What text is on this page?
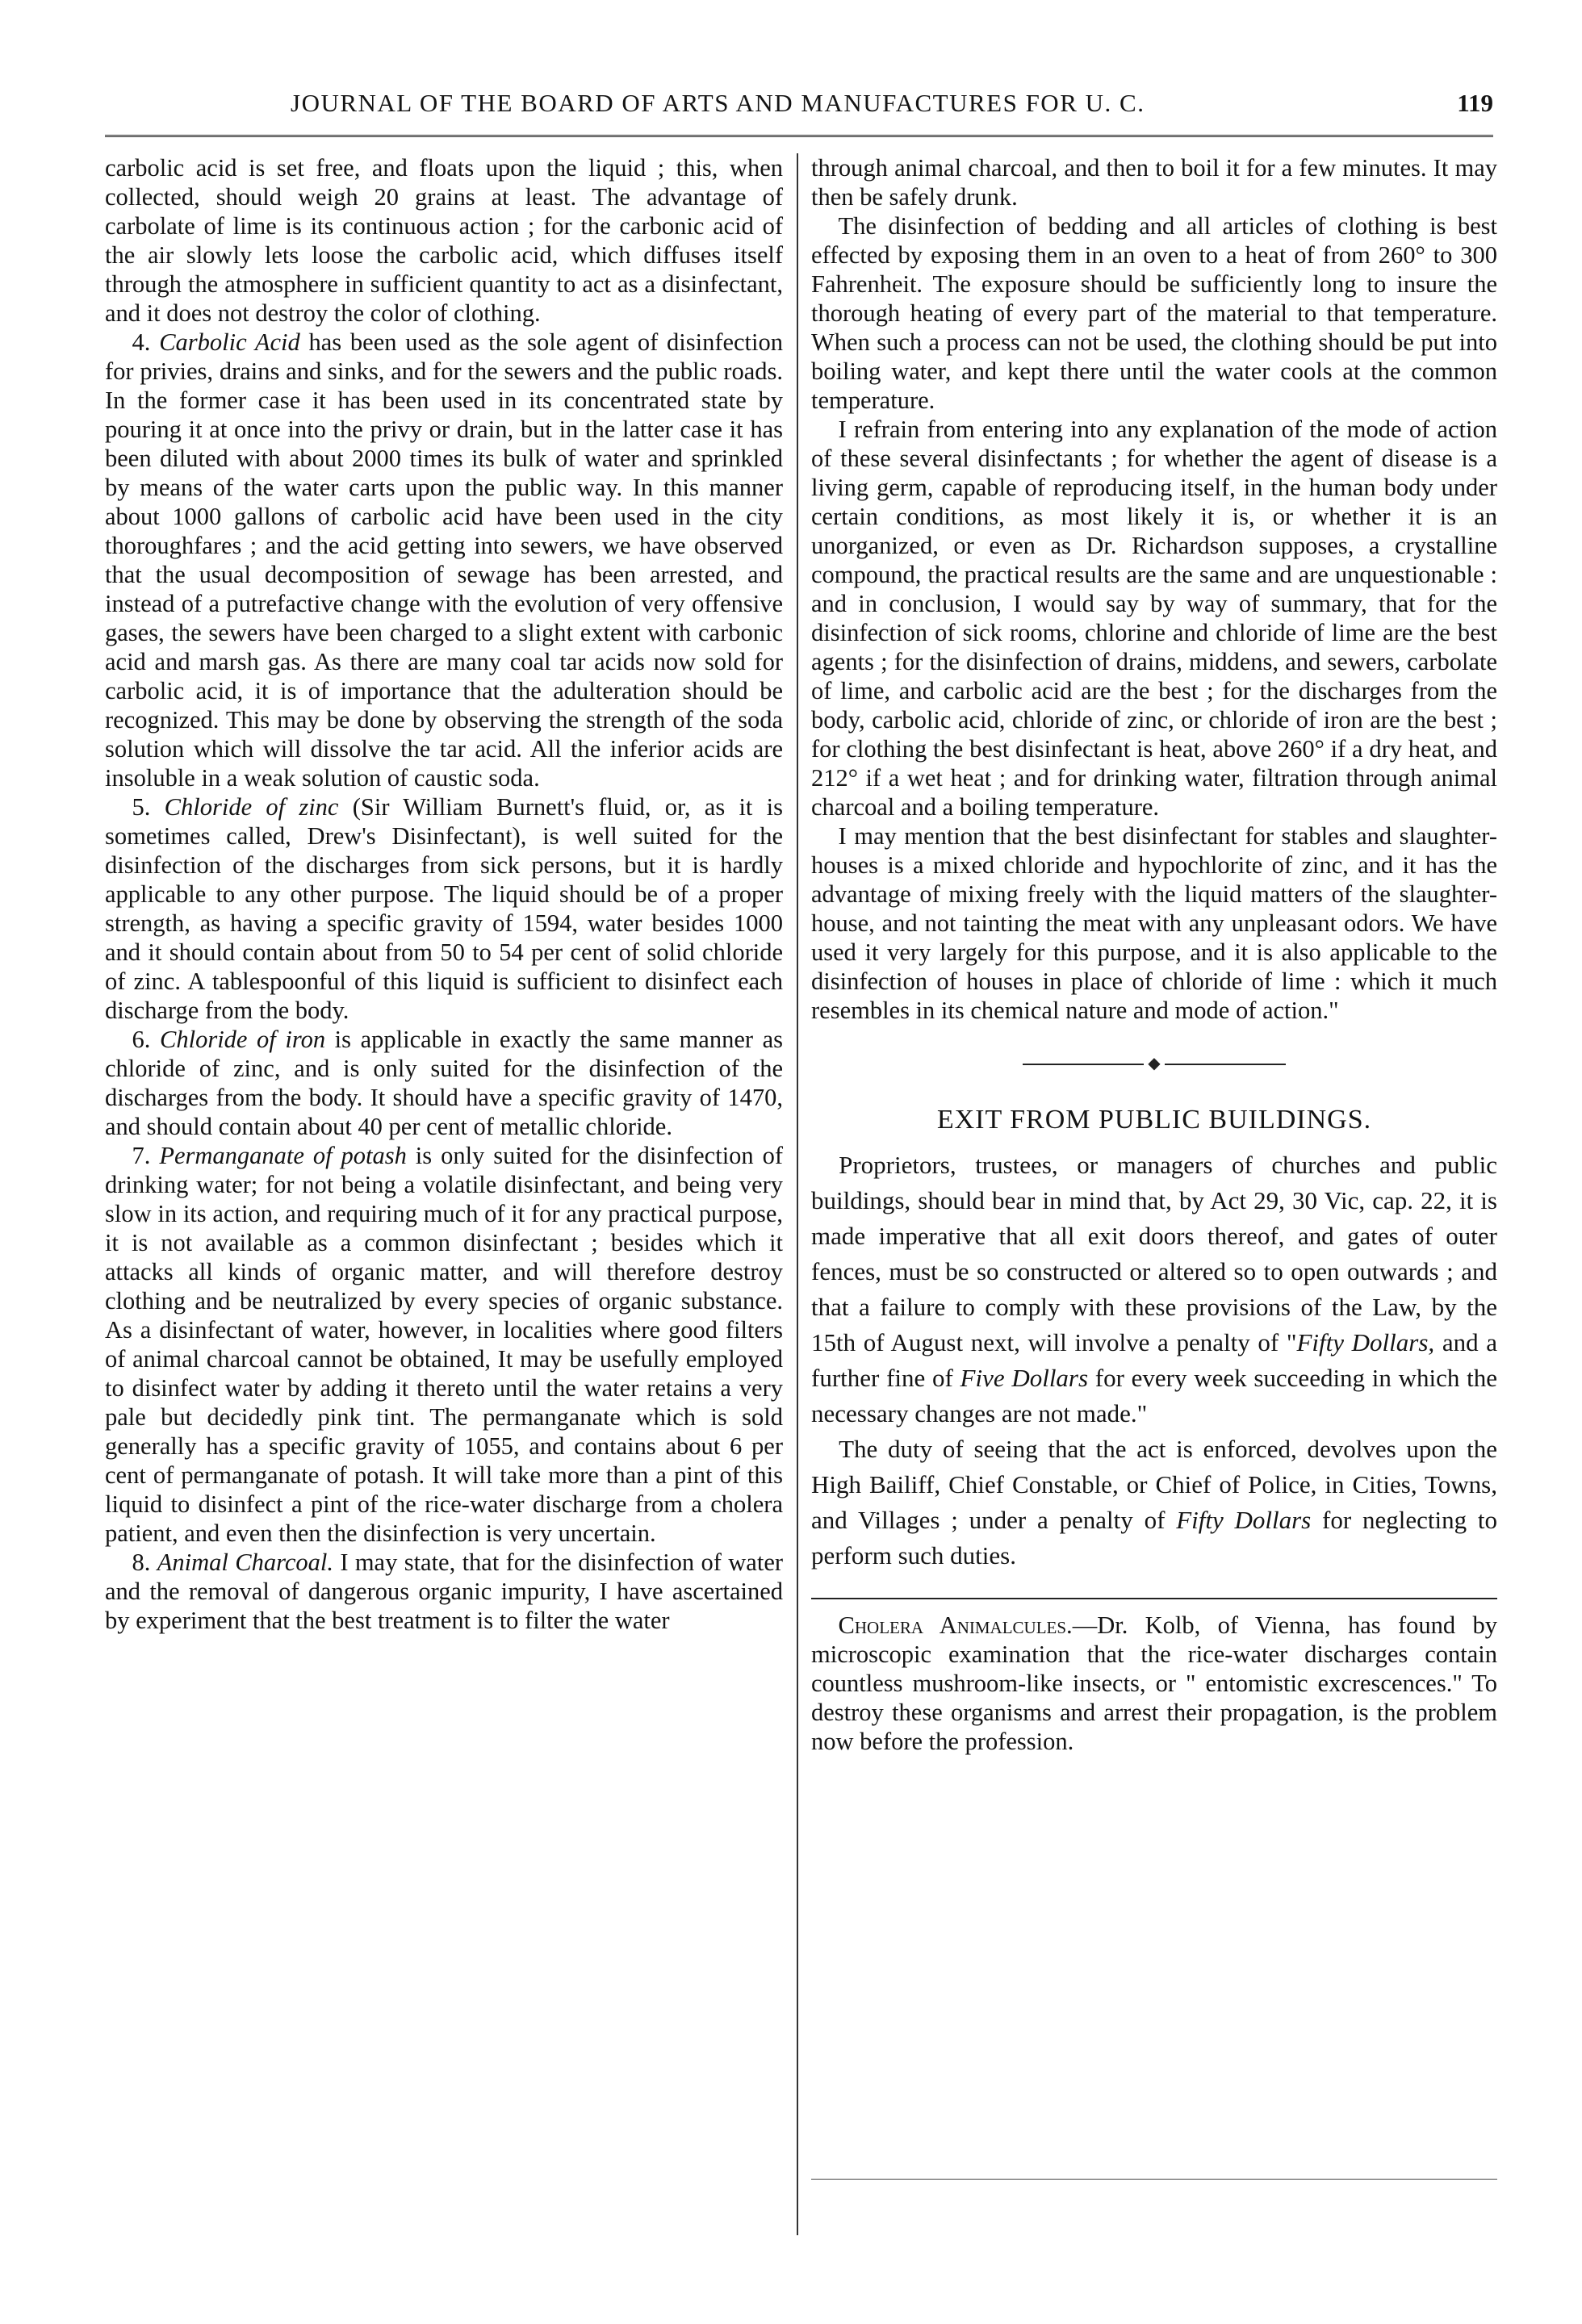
JOURNAL OF THE BOARD OF ARTS AND MANUFACTURES FOR U. C.	119

carbolic acid is set free, and floats upon the liquid ; this, when collected, should weigh 20 grains at least. The advantage of carbolate of lime is its continuous action ; for the carbonic acid of the air slowly lets loose the carbolic acid, which diffuses itself through the atmosphere in sufficient quantity to act as a disinfectant, and it does not destroy the color of clothing.

4. Carbolic Acid has been used as the sole agent of disinfection for privies, drains and sinks, and for the sewers and the public roads. In the former case it has been used in its concentrated state by pouring it at once into the privy or drain, but in the latter case it has been diluted with about 2000 times its bulk of water and sprinkled by means of the water carts upon the public way. In this manner about 1000 gallons of carbolic acid have been used in the city thoroughfares ; and the acid getting into sewers, we have observed that the usual decomposition of sewage has been arrested, and instead of a putrefactive change with the evolution of very offensive gases, the sewers have been charged to a slight extent with carbonic acid and marsh gas. As there are many coal tar acids now sold for carbolic acid, it is of importance that the adulteration should be recognized. This may be done by observing the strength of the soda solution which will dissolve the tar acid. All the inferior acids are insoluble in a weak solution of caustic soda.

5. Chloride of zinc (Sir William Burnett's fluid, or, as it is sometimes called, Drew's Disinfectant), is well suited for the disinfection of the discharges from sick persons, but it is hardly applicable to any other purpose. The liquid should be of a proper strength, as having a specific gravity of 1594, water besides 1000 and it should contain about from 50 to 54 per cent of solid chloride of zinc. A tablespoonful of this liquid is sufficient to disinfect each discharge from the body.

6. Chloride of iron is applicable in exactly the same manner as chloride of zinc, and is only suited for the disinfection of the discharges from the body. It should have a specific gravity of 1470, and should contain about 40 per cent of metallic chloride.

7. Permanganate of potash is only suited for the disinfection of drinking water; for not being a volatile disinfectant, and being very slow in its action, and requiring much of it for any practical purpose, it is not available as a common disinfectant ; besides which it attacks all kinds of organic matter, and will therefore destroy clothing and be neutralized by every species of organic substance. As a disinfectant of water, however, in localities where good filters of animal charcoal cannot be obtained, It may be usefully employed to disinfect water by adding it thereto until the water retains a very pale but decidedly pink tint. The permanganate which is sold generally has a specific gravity of 1055, and contains about 6 per cent of permanganate of potash. It will take more than a pint of this liquid to disinfect a pint of the rice-water discharge from a cholera patient, and even then the disinfection is very uncertain.

8. Animal Charcoal. I may state, that for the disinfection of water and the removal of dangerous organic impurity, I have ascertained by experiment that the best treatment is to filter the water

through animal charcoal, and then to boil it for a few minutes. It may then be safely drunk.

The disinfection of bedding and all articles of clothing is best effected by exposing them in an oven to a heat of from 260° to 300 Fahrenheit. The exposure should be sufficiently long to insure the thorough heating of every part of the material to that temperature. When such a process can not be used, the clothing should be put into boiling water, and kept there until the water cools at the common temperature.

I refrain from entering into any explanation of the mode of action of these several disinfectants ; for whether the agent of disease is a living germ, capable of reproducing itself, in the human body under certain conditions, as most likely it is, or whether it is an unorganized, or even as Dr. Richardson supposes, a crystalline compound, the practical results are the same and are unquestionable : and in conclusion, I would say by way of summary, that for the disinfection of sick rooms, chlorine and chloride of lime are the best agents ; for the disinfection of drains, middens, and sewers, carbolate of lime, and carbolic acid are the best ; for the discharges from the body, carbolic acid, chloride of zinc, or chloride of iron are the best ; for clothing the best disinfectant is heat, above 260° if a dry heat, and 212° if a wet heat ; and for drinking water, filtration through animal charcoal and a boiling temperature.

I may mention that the best disinfectant for stables and slaughter-houses is a mixed chloride and hypochlorite of zinc, and it has the advantage of mixing freely with the liquid matters of the slaughter-house, and not tainting the meat with any unpleasant odors. We have used it very largely for this purpose, and it is also applicable to the disinfection of houses in place of chloride of lime : which it much resembles in its chemical nature and mode of action."

◆
EXIT FROM PUBLIC BUILDINGS.

Proprietors, trustees, or managers of churches and public buildings, should bear in mind that, by Act 29, 30 Vic, cap. 22, it is made imperative that all exit doors thereof, and gates of outer fences, must be so constructed or altered so to open outwards ; and that a failure to comply with these provisions of the Law, by the 15th of August next, will involve a penalty of "Fifty Dollars, and a further fine of Five Dollars for every week succeeding in which the necessary changes are not made."

The duty of seeing that the act is enforced, devolves upon the High Bailiff, Chief Constable, or Chief of Police, in Cities, Towns, and Villages ; under a penalty of Fifty Dollars for neglecting to perform such duties.

Cholera Animalcules.—Dr. Kolb, of Vienna, has found by microscopic examination that the rice-water discharges contain countless mushroom-like insects, or " entomistic excrescences." To destroy these organisms and arrest their propagation, is the problem now before the profession.
